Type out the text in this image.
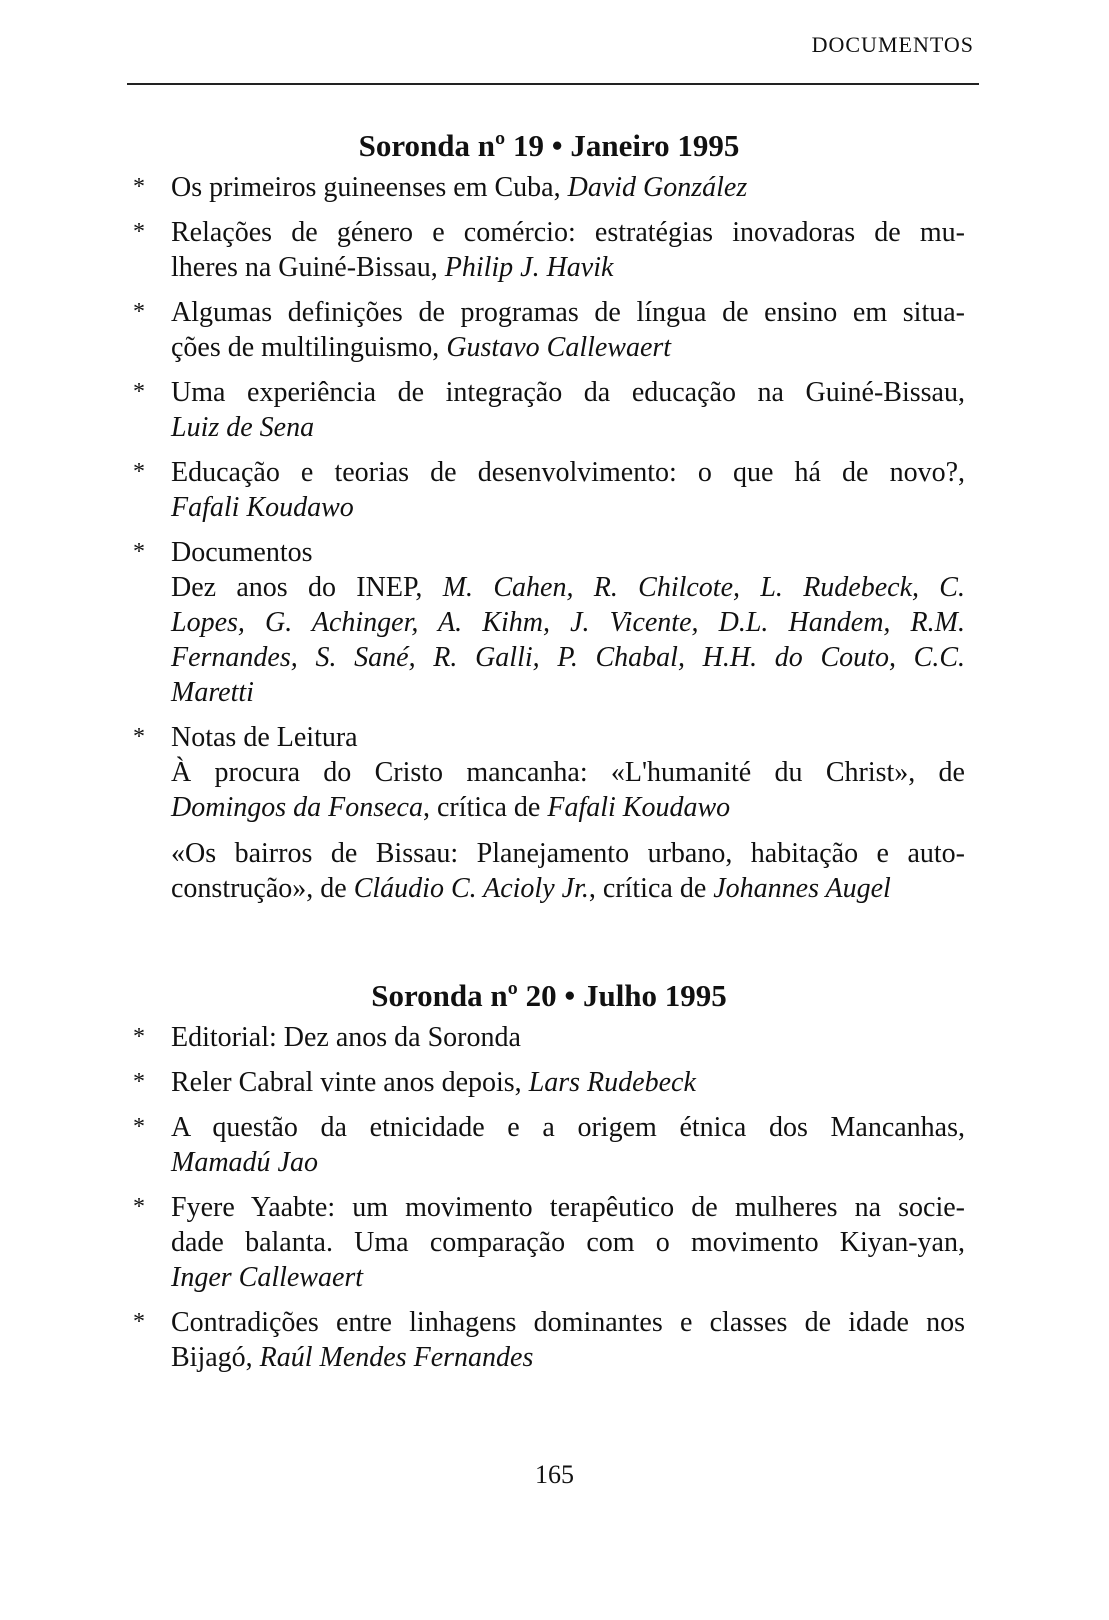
DOCUMENTOS
Soronda nº 19 • Janeiro 1995
* Os primeiros guineenses em Cuba, David González
* Relações de género e comércio: estratégias inovadoras de mu-
lheres na Guiné-Bissau, Philip J. Havik
* Algumas definições de programas de língua de ensino em situa-
ções de multilinguismo, Gustavo Callewaert
* Uma experiência de integração da educação na Guiné-Bissau,
Luiz de Sena
* Educação e teorias de desenvolvimento: o que há de novo?,
Fafali Koudawo
* Documentos
Dez anos do INEP, M. Cahen, R. Chilcote, L. Rudebeck, C.
Lopes, G. Achinger, A. Kihm, J. Vicente, D.L. Handem, R.M.
Fernandes, S. Sané, R. Galli, P. Chabal, H.H. do Couto, C.C.
Maretti
* Notas de Leitura
À procura do Cristo mancanha: «L'humanité du Christ», de
Domingos da Fonseca, crítica de Fafali Koudawo
«Os bairros de Bissau: Planejamento urbano, habitação e auto-
construção», de Cláudio C. Acioly Jr., crítica de Johannes Augel
Soronda nº 20 • Julho 1995
* Editorial: Dez anos da Soronda
* Reler Cabral vinte anos depois, Lars Rudebeck
* A questão da etnicidade e a origem étnica dos Mancanhas,
Mamadú Jao
* Fyere Yaabte: um movimento terapêutico de mulheres na socie-
dade balanta. Uma comparação com o movimento Kiyan-yan,
Inger Callewaert
* Contradições entre linhagens dominantes e classes de idade nos
Bijagó, Raúl Mendes Fernandes
165
